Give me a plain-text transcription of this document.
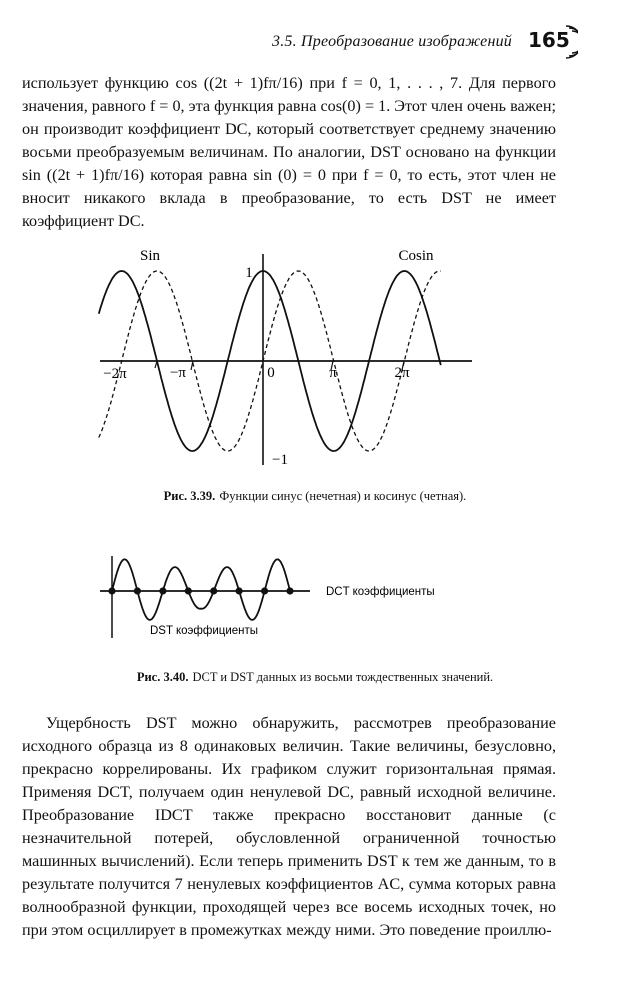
3.5. Преобразование изображений 165

использует функцию cos ((2t + 1)fπ/16) при f = 0, 1, . . . , 7. Для первого значения, равного f = 0, эта функция равна cos(0) = 1. Этот член очень важен; он производит коэффициент DC, который соответствует среднему значению восьми преобразуемым величинам. По аналогии, DST основано на функции sin ((2t + 1)fπ/16) которая равна sin (0) = 0 при f = 0, то есть, этот член не вносит никакого вклада в преобразование, то есть DST не имеет коэффициент DC.

Sin	Cosin
1
−2π	−π	0	π	2π
−1
Рис. 3.39. Функции синус (нечетная) и косинус (четная).
DCT коэффициенты
DST коэффициенты
Рис. 3.40. DCT и DST данных из восьми тождественных значений.

Ущербность DST можно обнаружить, рассмотрев преобразование исходного образца из 8 одинаковых величин. Такие величины, безусловно, прекрасно коррелированы. Их графиком служит горизонтальная прямая. Применяя DCT, получаем один ненулевой DC, равный исходной величине. Преобразование IDCT также прекрасно восстановит данные (с незначительной потерей, обусловленной ограниченной точностью машинных вычислений). Если теперь применить DST к тем же данным, то в результате получится 7 ненулевых коэффициентов AC, сумма которых равна волнообразной функции, проходящей через все восемь исходных точек, но при этом осциллирует в промежутках между ними. Это поведение проиллю-
